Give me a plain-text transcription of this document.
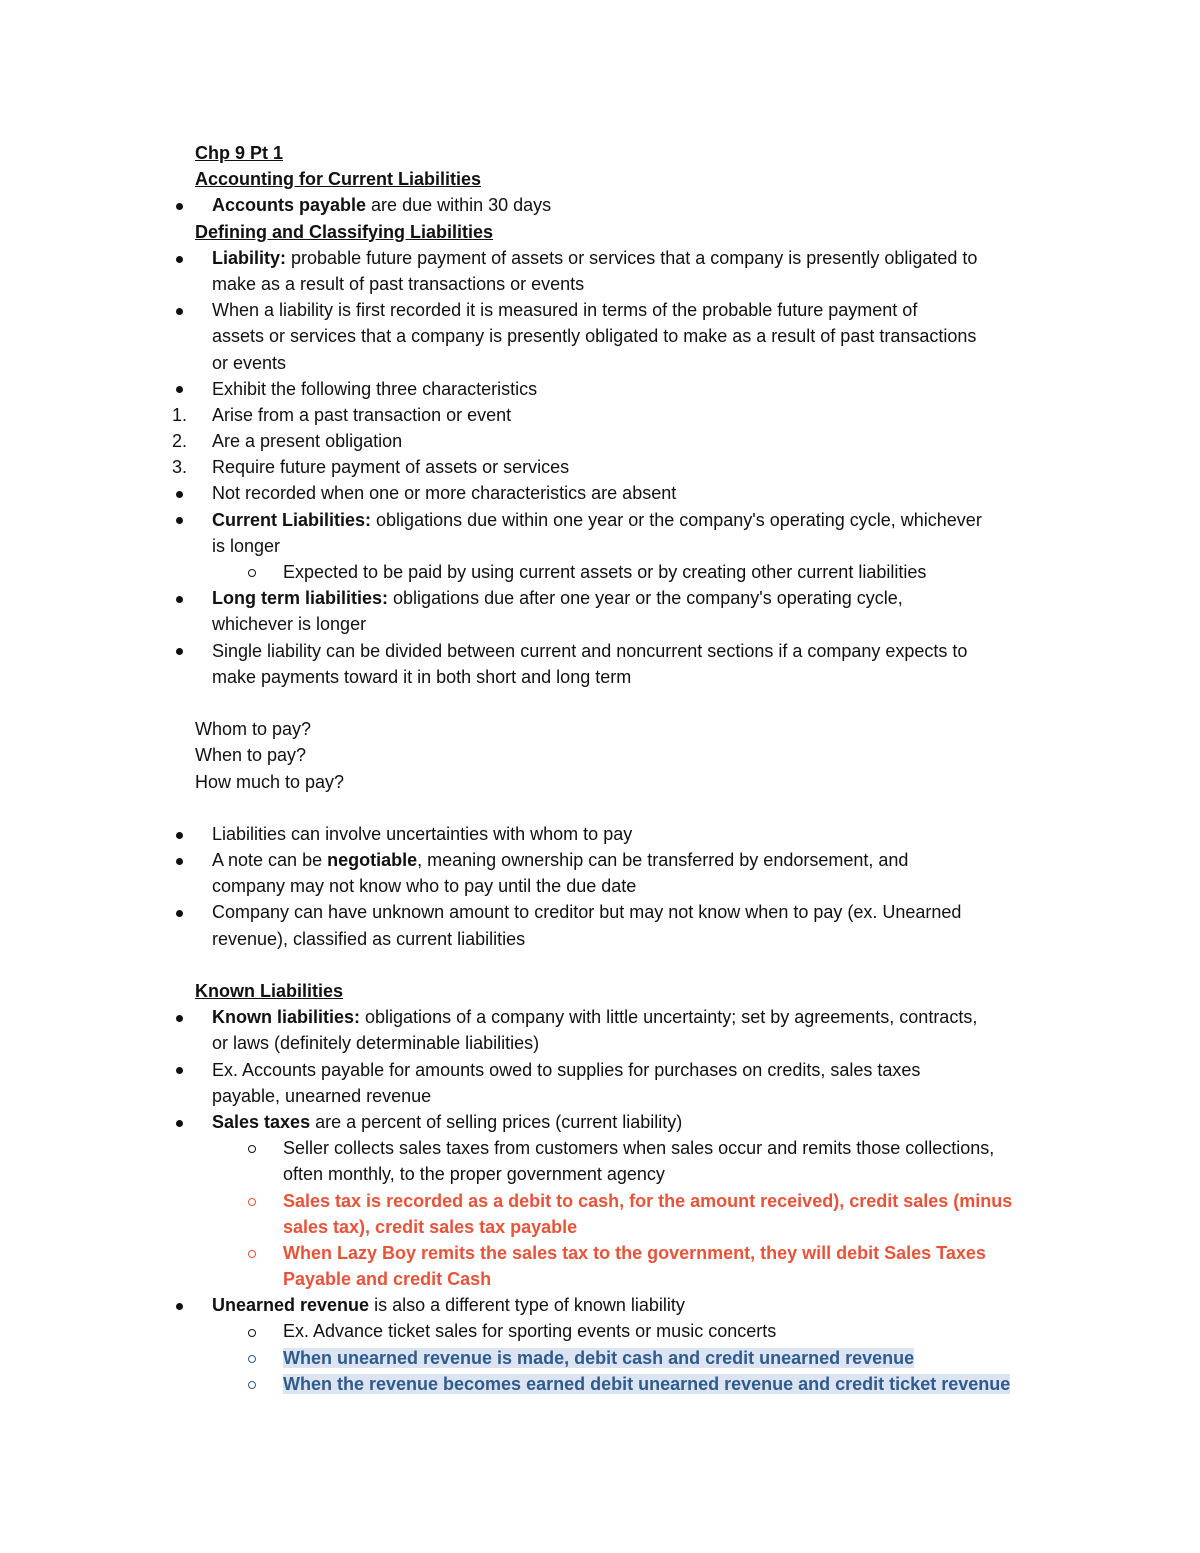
Chp 9 Pt 1
Accounting for Current Liabilities
Accounts payable are due within 30 days
Defining and Classifying Liabilities
Liability: probable future payment of assets or services that a company is presently obligated to
make as a result of past transactions or events
When a liability is first recorded it is measured in terms of the probable future payment of
assets or services that a company is presently obligated to make as a result of past transactions
or events
Exhibit the following three characteristics
1. Arise from a past transaction or event
2. Are a present obligation
3. Require future payment of assets or services
Not recorded when one or more characteristics are absent
Current Liabilities: obligations due within one year or the company's operating cycle, whichever
is longer
Expected to be paid by using current assets or by creating other current liabilities
Long term liabilities: obligations due after one year or the company's operating cycle,
whichever is longer
Single liability can be divided between current and noncurrent sections if a company expects to
make payments toward it in both short and long term
Whom to pay?
When to pay?
How much to pay?
Liabilities can involve uncertainties with whom to pay
A note can be negotiable, meaning ownership can be transferred by endorsement, and
company may not know who to pay until the due date
Company can have unknown amount to creditor but may not know when to pay (ex. Unearned
revenue), classified as current liabilities
Known Liabilities
Known liabilities: obligations of a company with little uncertainty; set by agreements, contracts,
or laws (definitely determinable liabilities)
Ex. Accounts payable for amounts owed to supplies for purchases on credits, sales taxes
payable, unearned revenue
Sales taxes are a percent of selling prices (current liability)
Seller collects sales taxes from customers when sales occur and remits those collections,
often monthly, to the proper government agency
Sales tax is recorded as a debit to cash, for the amount received), credit sales (minus
sales tax), credit sales tax payable
When Lazy Boy remits the sales tax to the government, they will debit Sales Taxes
Payable and credit Cash
Unearned revenue is also a different type of known liability
Ex. Advance ticket sales for sporting events or music concerts
When unearned revenue is made, debit cash and credit unearned revenue
When the revenue becomes earned debit unearned revenue and credit ticket revenue
